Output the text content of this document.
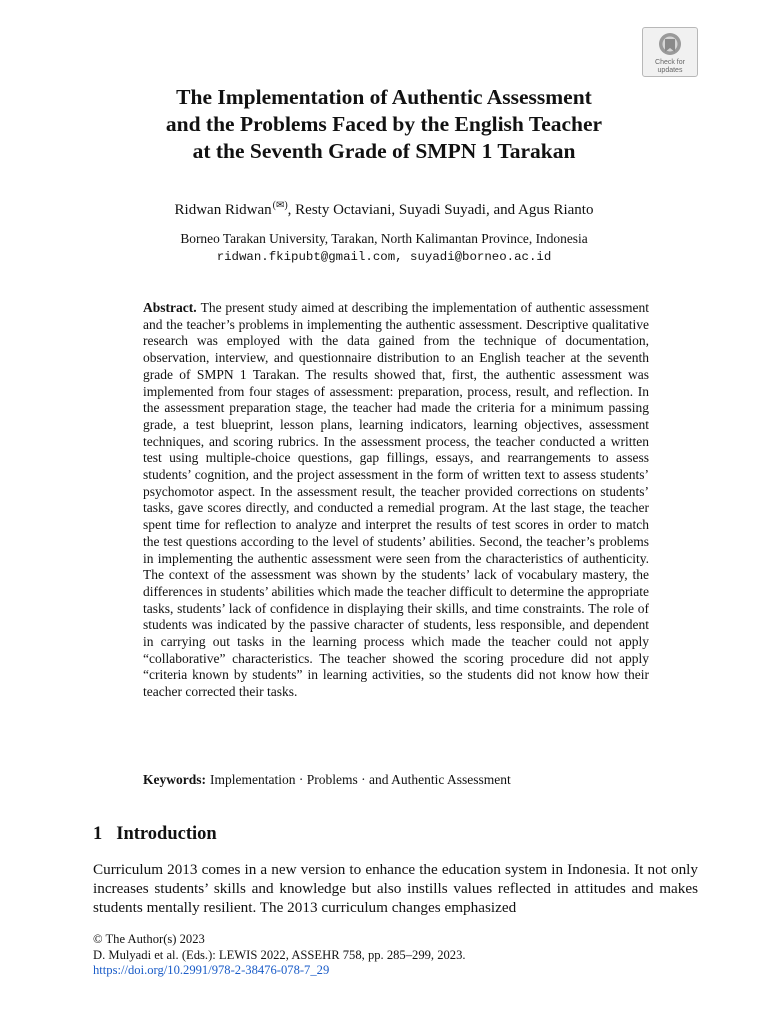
Check for updates
The Implementation of Authentic Assessment
and the Problems Faced by the English Teacher
at the Seventh Grade of SMPN 1 Tarakan
Ridwan Ridwan(✉), Resty Octaviani, Suyadi Suyadi, and Agus Rianto
Borneo Tarakan University, Tarakan, North Kalimantan Province, Indonesia
ridwan.fkipubt@gmail.com, suyadi@borneo.ac.id

Abstract. The present study aimed at describing the implementation of authentic assessment and the teacher’s problems in implementing the authentic assessment. Descriptive qualitative research was employed with the data gained from the technique of documentation, observation, interview, and questionnaire distribution to an English teacher at the seventh grade of SMPN 1 Tarakan. The results showed that, first, the authentic assessment was implemented from four stages of assessment: preparation, process, result, and reflection. In the assessment preparation stage, the teacher had made the criteria for a minimum passing grade, a test blueprint, lesson plans, learning indicators, learning objectives, assessment techniques, and scoring rubrics. In the assessment process, the teacher conducted a written test using multiple-choice questions, gap fillings, essays, and rearrangements to assess students’ cognition, and the project assessment in the form of written text to assess students’ psychomotor aspect. In the assessment result, the teacher provided corrections on students’ tasks, gave scores directly, and conducted a remedial program. At the last stage, the teacher spent time for reflection to analyze and interpret the results of test scores in order to match the test questions according to the level of students’ abilities. Second, the teacher’s problems in implementing the authentic assessment were seen from the characteristics of authenticity. The context of the assessment was shown by the students’ lack of vocabulary mastery, the differences in students’ abilities which made the teacher difficult to determine the appropriate tasks, students’ lack of confidence in displaying their skills, and time constraints. The role of students was indicated by the passive character of students, less responsible, and dependent in carrying out tasks in the learning process which made the teacher could not apply “collaborative” characteristics. The teacher showed the scoring procedure did not apply “criteria known by students” in learning activities, so the students did not know how their teacher corrected their tasks.

Keywords: Implementation · Problems · and Authentic Assessment
1 Introduction

Curriculum 2013 comes in a new version to enhance the education system in Indonesia. It not only increases students’ skills and knowledge but also instills values reflected in attitudes and makes students mentally resilient. The 2013 curriculum changes emphasized

© The Author(s) 2023
D. Mulyadi et al. (Eds.): LEWIS 2022, ASSEHR 758, pp. 285–299, 2023.
https://doi.org/10.2991/978-2-38476-078-7_29
